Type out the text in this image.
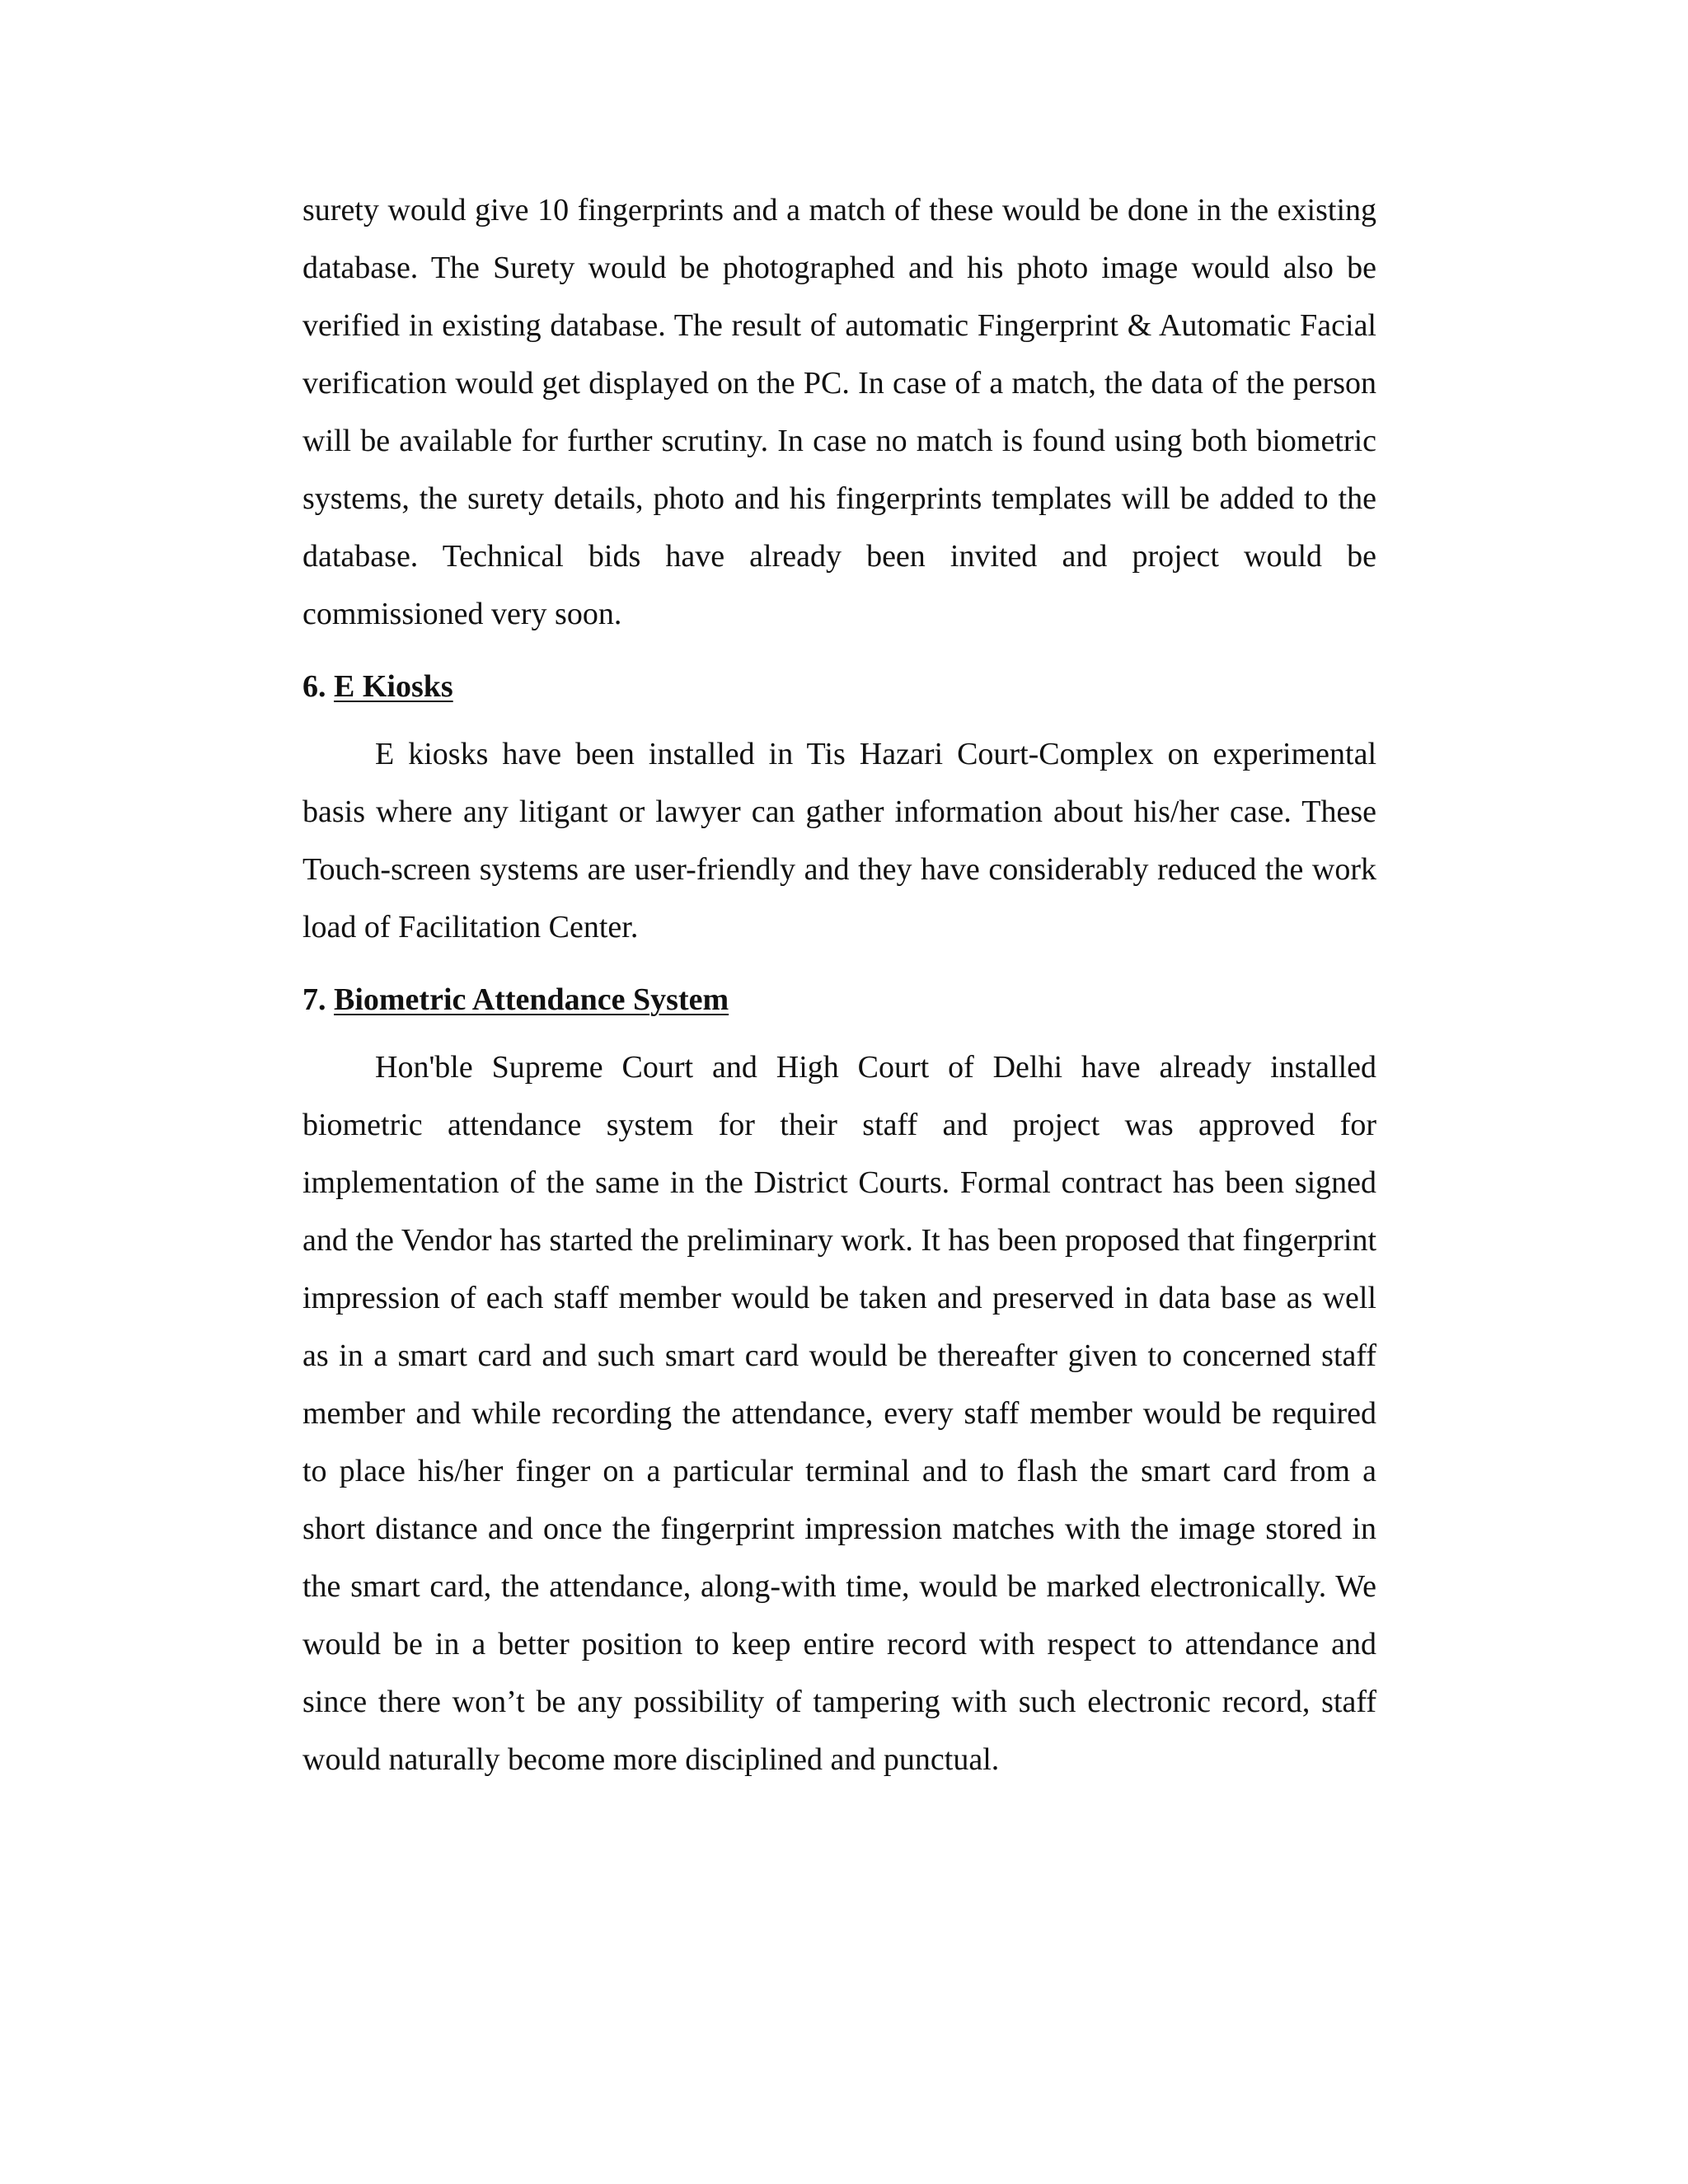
surety would give 10 fingerprints and a match of these would be done in the existing database. The Surety would be photographed and his photo image would also be verified in existing database. The result of automatic Fingerprint & Automatic Facial verification would get displayed on the PC. In case of a match, the data of the person will be available for further scrutiny. In case no match is found using both biometric systems, the surety details, photo and his fingerprints templates will be added to the database. Technical bids have already been invited and project would be commissioned very soon.

6. E Kiosks

E kiosks have been installed in Tis Hazari Court-Complex on experimental basis where any litigant or lawyer can gather information about his/her case. These Touch-screen systems are user-friendly and they have considerably reduced the work load of Facilitation Center.

7. Biometric Attendance System

Hon'ble Supreme Court and High Court of Delhi have already installed biometric attendance system for their staff and project was approved for implementation of the same in the District Courts. Formal contract has been signed and the Vendor has started the preliminary work. It has been proposed that fingerprint impression of each staff member would be taken and preserved in data base as well as in a smart card and such smart card would be thereafter given to concerned staff member and while recording the attendance, every staff member would be required to place his/her finger on a particular terminal and to flash the smart card from a short distance and once the fingerprint impression matches with the image stored in the smart card, the attendance, along-with time, would be marked electronically. We would be in a better position to keep entire record with respect to attendance and since there won’t be any possibility of tampering with such electronic record, staff would naturally become more disciplined and punctual.
